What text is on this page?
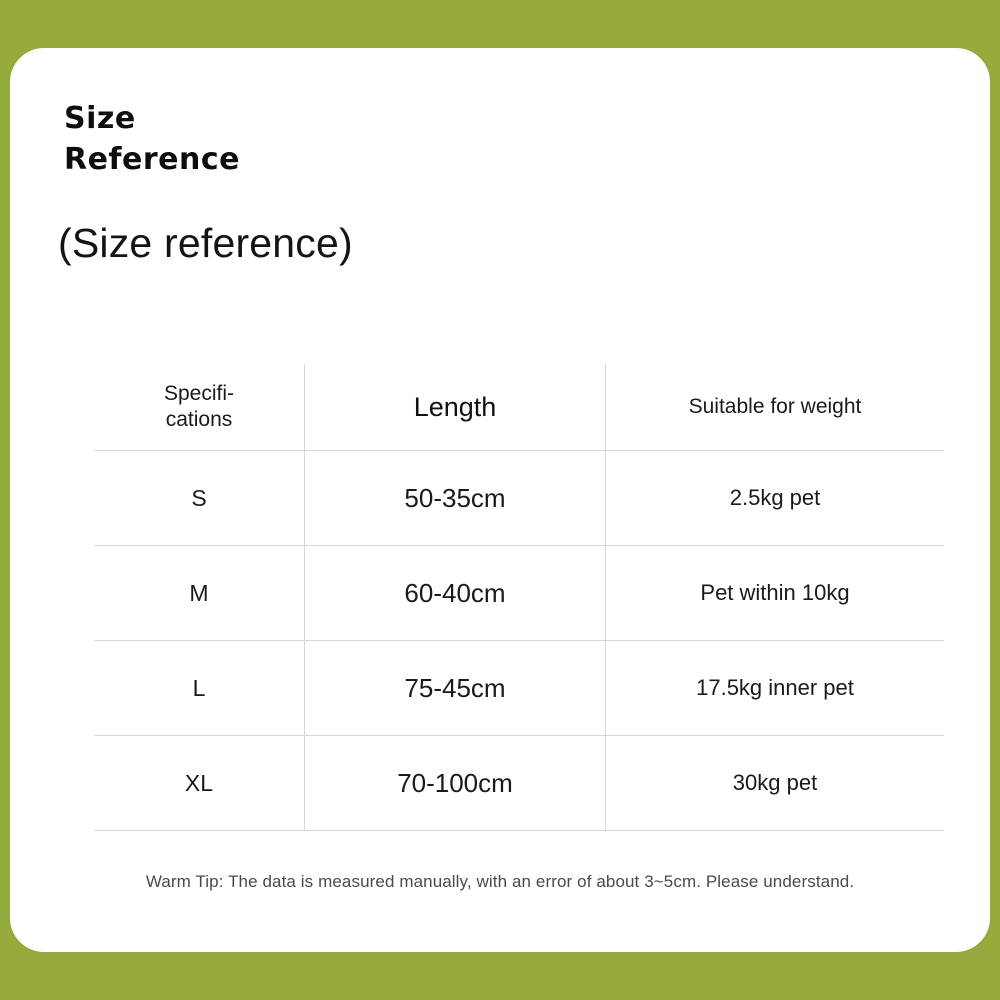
Size
Reference
(Size reference)
Specifi-
cations	Length	Suitable for weight

S	50-35cm	2.5kg pet
M	60-40cm	Pet within 10kg
L	75-45cm	17.5kg inner pet
XL	70-100cm	30kg pet
Warm Tip: The data is measured manually, with an error of about 3~5cm. Please understand.
